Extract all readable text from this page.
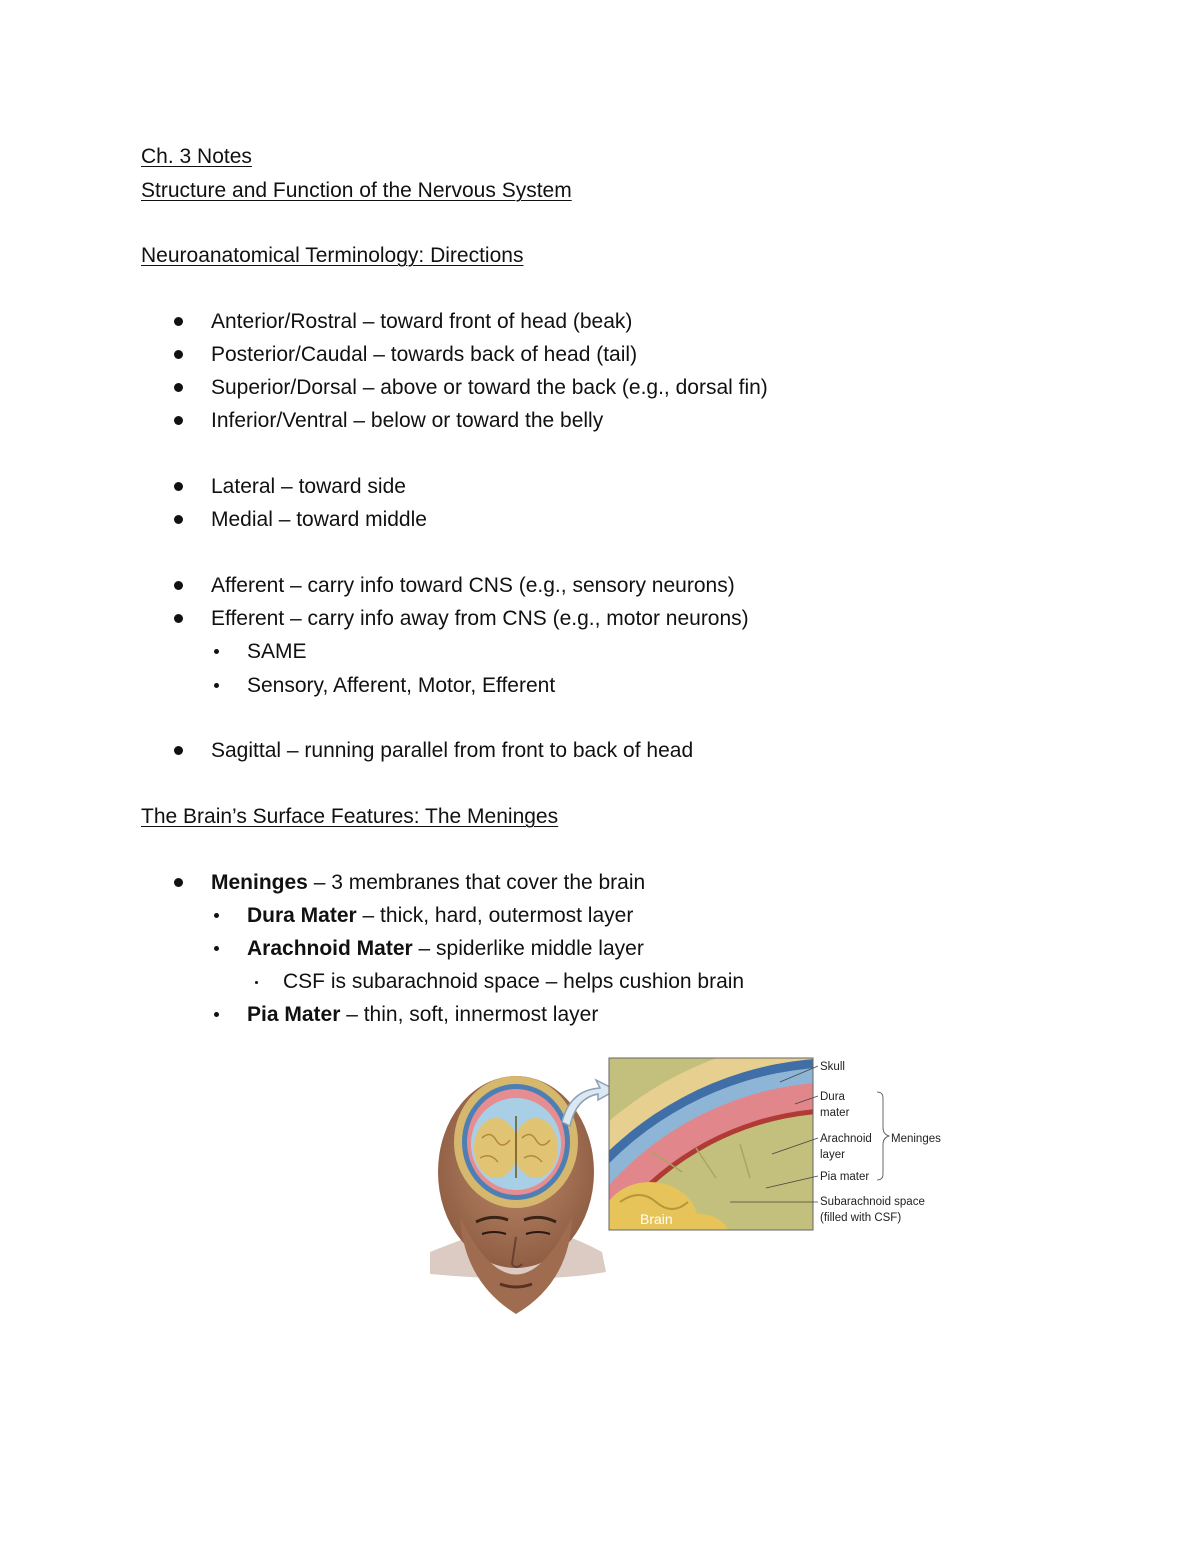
Ch. 3 Notes
Structure and Function of the Nervous System
Neuroanatomical Terminology: Directions
Anterior/Rostral – toward front of head (beak)
Posterior/Caudal – towards back of head (tail)
Superior/Dorsal – above or toward the back (e.g., dorsal fin)
Inferior/Ventral – below or toward the belly
Lateral – toward side
Medial – toward middle
Afferent – carry info toward CNS (e.g., sensory neurons)
Efferent – carry info away from CNS (e.g., motor neurons)
SAME
Sensory, Afferent, Motor, Efferent
Sagittal – running parallel from front to back of head
The Brain’s Surface Features: The Meninges
Meninges – 3 membranes that cover the brain
Dura Mater – thick, hard, outermost layer
Arachnoid Mater – spiderlike middle layer
CSF is subarachnoid space – helps cushion brain
Pia Mater – thin, soft, innermost layer
Brain
Skull
Dura
mater
Arachnoid
layer
Meninges
Pia mater
Subarachnoid space
(filled with CSF)
